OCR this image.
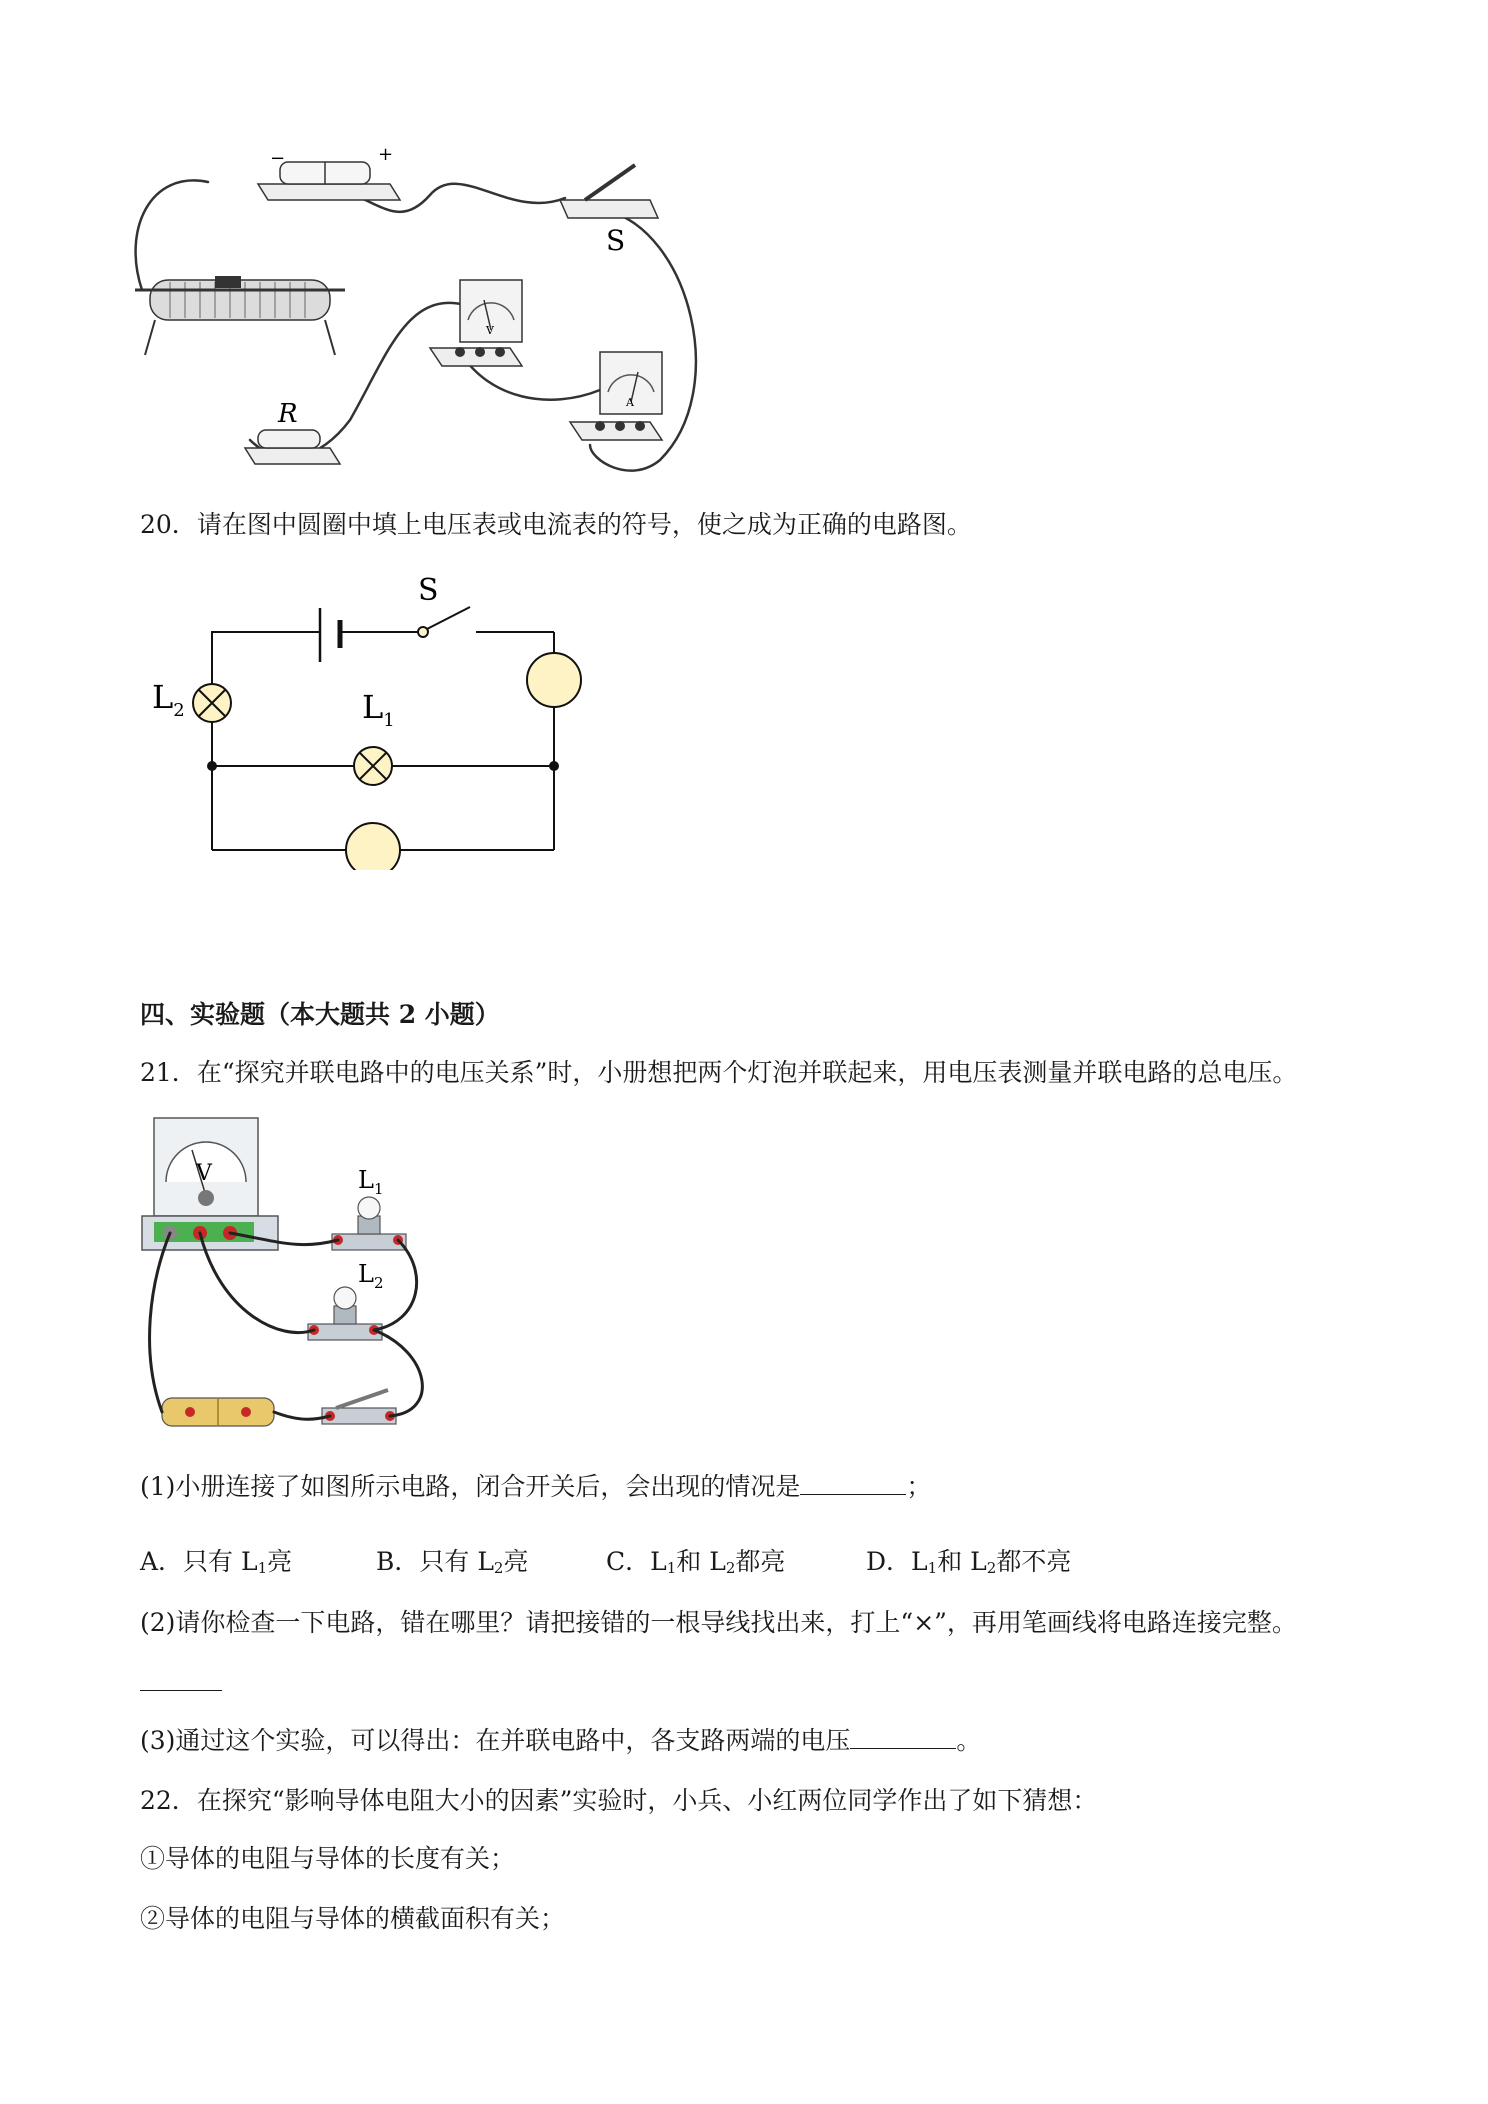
−	+
S
V
A
R
20．请在图中圆圈中填上电压表或电流表的符号，使之成为正确的电路图。
S
$L_2$	$L_1$
四、实验题（本大题共 2 小题）
21．在“探究并联电路中的电压关系”时，小册想把两个灯泡并联起来，用电压表测量并联电路的总电压。
V	$L_1$
$L_2$
(1)小册连接了如图所示电路，闭合开关后，会出现的情况是	；
A．只有 $L_1$亮	B．只有 $L_2$亮	C．$L_1$和 $L_2$都亮	D．$L_1$和 $L_2$都不亮
(2)请你检查一下电路，错在哪里？请把接错的一根导线找出来，打上“×”，再用笔画线将电路连接完整。
(3)通过这个实验，可以得出：在并联电路中，各支路两端的电压	。
22．在探究“影响导体电阻大小的因素”实验时，小兵、小红两位同学作出了如下猜想：
①导体的电阻与导体的长度有关；
②导体的电阻与导体的横截面积有关；
